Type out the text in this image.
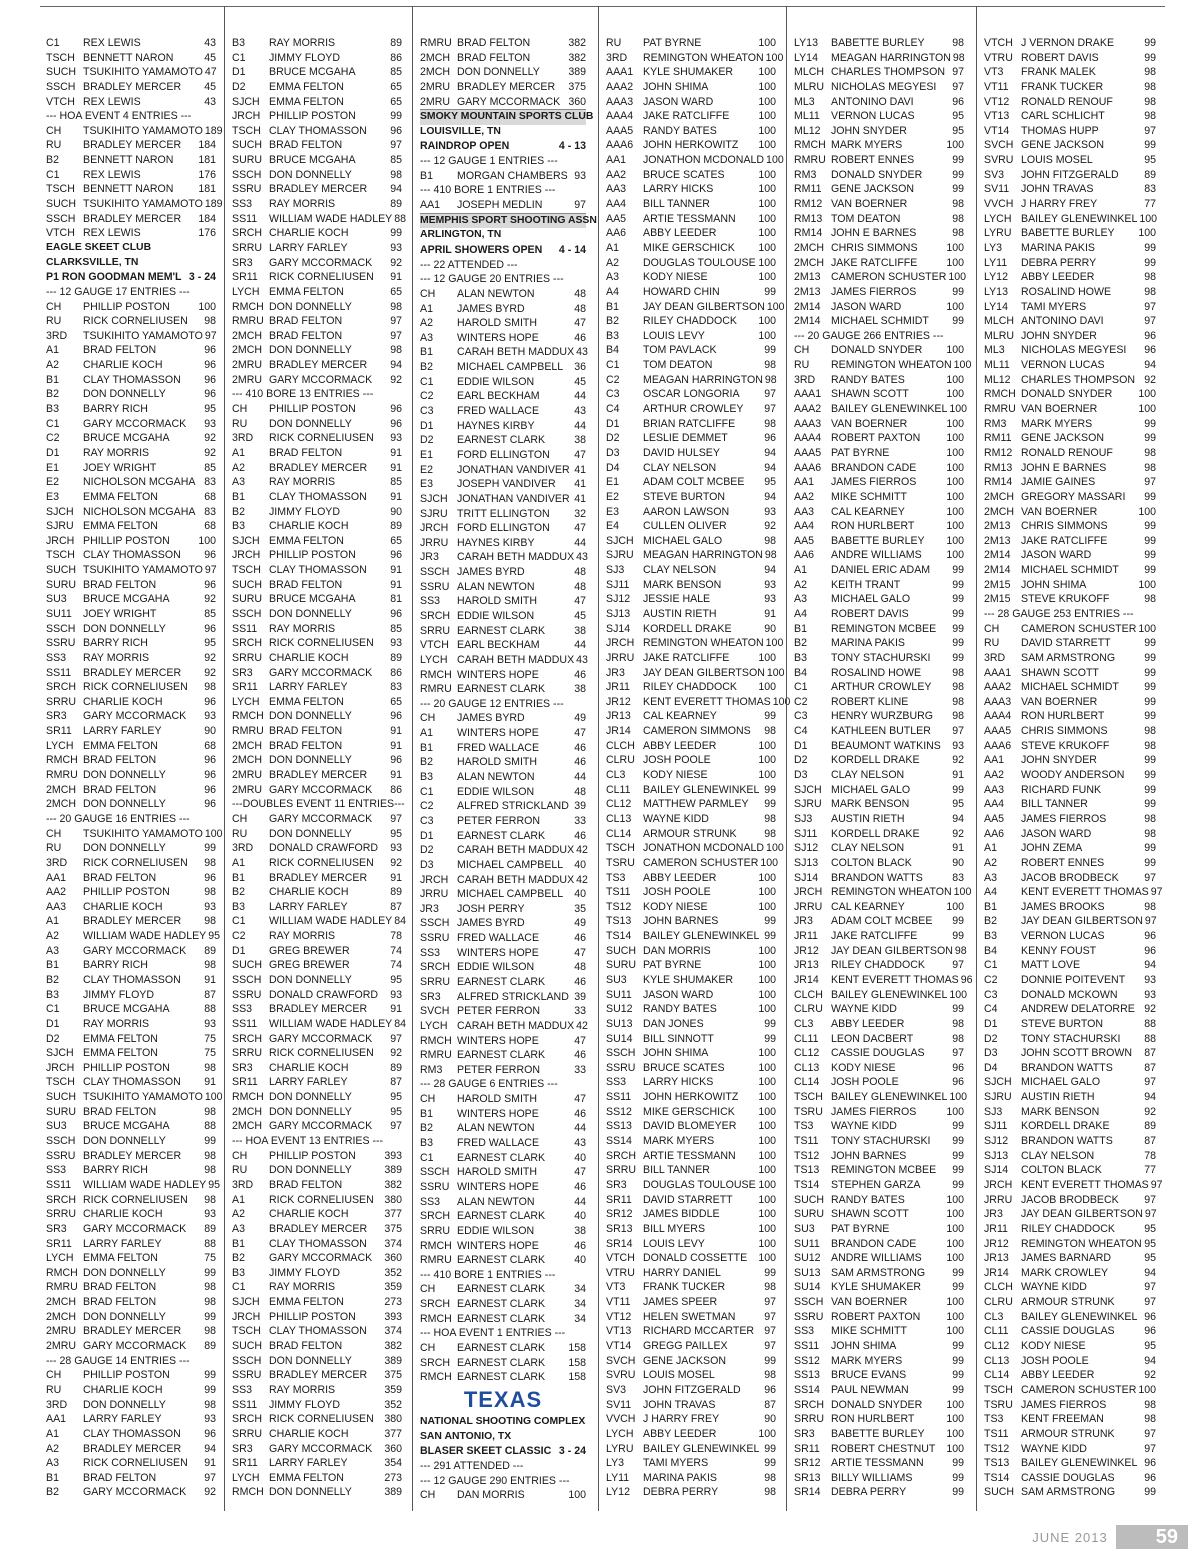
C1	REX LEWIS	43
TSCH BENNETT NARON	45
SUCH TSUKIHITO YAMAMOTO 47
SSCH BRADLEY MERCER	45
VTCH REX LEWIS	43
--- HOA EVENT 4 ENTRIES ---
CH	TSUKIHITO YAMAMOTO 189
RU	BRADLEY MERCER	184
B2	BENNETT NARON	181
C1	REX LEWIS	176
TSCH BENNETT NARON	181
SUCH TSUKIHITO YAMAMOTO 189
SSCH BRADLEY MERCER	184
VTCH REX LEWIS	176
EAGLE SKEET CLUB
CLARKSVILLE, TN
P1 RON GOODMAN MEM'L 3 - 24
--- 12 GAUGE 17 ENTRIES ---
CH	PHILLIP POSTON	100
RU	RICK CORNELIUSEN	98
3RD	TSUKIHITO YAMAMOTO 97
A1	BRAD FELTON	96
A2	CHARLIE KOCH	96
B1	CLAY THOMASSON	96
B2	DON DONNELLY	96
B3	BARRY RICH	95
C1	GARY MCCORMACK	93
C2	BRUCE MCGAHA	92
D1	RAY MORRIS	92
E1	JOEY WRIGHT	85
E2	NICHOLSON MCGAHA 83
E3	EMMA FELTON	68
SJCH NICHOLSON MCGAHA 83
SJRU EMMA FELTON	68
JRCH PHILLIP POSTON	100
TSCH CLAY THOMASSON	96
SUCH TSUKIHITO YAMAMOTO 97
SURU BRAD FELTON	96
SU3	BRUCE MCGAHA	92
SU11	JOEY WRIGHT	85
SSCH DON DONNELLY	96
SSRU BARRY RICH	95
SS3	RAY MORRIS	92
SS11	BRADLEY MERCER	92
SRCH RICK CORNELIUSEN	98
SRRU CHARLIE KOCH	96
SR3	GARY MCCORMACK	93
SR11	LARRY FARLEY	90
LYCH EMMA FELTON	68
RMCH BRAD FELTON	96
RMRU DON DONNELLY	96
2MCH BRAD FELTON	96
2MCH DON DONNELLY	96
--- 20 GAUGE 16 ENTRIES ---
CH	TSUKIHITO YAMAMOTO 100
RU	DON DONNELLY	99
3RD	RICK CORNELIUSEN	98
AA1	BRAD FELTON	96
AA2	PHILLIP POSTON	98
AA3	CHARLIE KOCH	93
A1	BRADLEY MERCER	98
A2	WILLIAM WADE HADLEY 95
A3	GARY MCCORMACK	89
B1	BARRY RICH	98
B2	CLAY THOMASSON	91
B3	JIMMY FLOYD	87
C1	BRUCE MCGAHA	88
D1	RAY MORRIS	93
D2	EMMA FELTON	75
SJCH EMMA FELTON	75
JRCH PHILLIP POSTON	98
TSCH CLAY THOMASSON	91
SUCH TSUKIHITO YAMAMOTO 100
SURU BRAD FELTON	98
SU3	BRUCE MCGAHA	88
SSCH DON DONNELLY	99
SSRU BRADLEY MERCER	98
SS3	BARRY RICH	98
SS11	WILLIAM WADE HADLEY 95
SRCH RICK CORNELIUSEN	98
SRRU CHARLIE KOCH	93
SR3	GARY MCCORMACK	89
SR11	LARRY FARLEY	88
LYCH EMMA FELTON	75
RMCH DON DONNELLY	99
RMRU BRAD FELTON	98
2MCH BRAD FELTON	98
2MCH DON DONNELLY	99
2MRU BRADLEY MERCER	98
2MRU GARY MCCORMACK	89
--- 28 GAUGE 14 ENTRIES ---
CH	PHILLIP POSTON	99
RU	CHARLIE KOCH	99
3RD	DON DONNELLY	98
AA1	LARRY FARLEY	93
A1	CLAY THOMASSON	96
A2	BRADLEY MERCER	94
A3	RICK CORNELIUSEN	91
B1	BRAD FELTON	97
B2	GARY MCCORMACK	92
B3	RAY MORRIS	89
C1	JIMMY FLOYD	86
D1	BRUCE MCGAHA	85
D2	EMMA FELTON	65
SJCH EMMA FELTON	65
JRCH PHILLIP POSTON	99
TSCH CLAY THOMASSON	96
SUCH BRAD FELTON	97
SURU BRUCE MCGAHA	85
SSCH DON DONNELLY	98
SSRU BRADLEY MERCER	94
SS3	RAY MORRIS	89
SS11	WILLIAM WADE HADLEY 88
SRCH CHARLIE KOCH	99
SRRU LARRY FARLEY	93
SR3	GARY MCCORMACK	92
SR11	RICK CORNELIUSEN	91
LYCH EMMA FELTON	65
RMCH DON DONNELLY	98
RMRU BRAD FELTON	97
2MCH BRAD FELTON	97
2MCH DON DONNELLY	98
2MRU BRADLEY MERCER	94
2MRU GARY MCCORMACK	92
--- 410 BORE 13 ENTRIES ---
CH	PHILLIP POSTON	96
RU	DON DONNELLY	96
3RD	RICK CORNELIUSEN	93
A1	BRAD FELTON	91
A2	BRADLEY MERCER	91
A3	RAY MORRIS	85
B1	CLAY THOMASSON	91
B2	JIMMY FLOYD	90
B3	CHARLIE KOCH	89
SJCH EMMA FELTON	65
JRCH PHILLIP POSTON	96
TSCH CLAY THOMASSON	91
SUCH BRAD FELTON	91
SURU BRUCE MCGAHA	81
SSCH DON DONNELLY	96
SS11	RAY MORRIS	85
SRCH RICK CORNELIUSEN	93
SRRU CHARLIE KOCH	89
SR3	GARY MCCORMACK	86
SR11	LARRY FARLEY	83
LYCH EMMA FELTON	65
RMCH DON DONNELLY	96
RMRU BRAD FELTON	91
2MCH BRAD FELTON	91
2MCH DON DONNELLY	96
2MRU BRADLEY MERCER	91
2MRU GARY MCCORMACK	86
---DOUBLES EVENT 11 ENTRIES---
CH	GARY MCCORMACK	97
RU	DON DONNELLY	95
3RD	DONALD CRAWFORD	93
A1	RICK CORNELIUSEN	92
B1	BRADLEY MERCER	91
B2	CHARLIE KOCH	89
B3	LARRY FARLEY	87
C1	WILLIAM WADE HADLEY 84
C2	RAY MORRIS	78
D1	GREG BREWER	74
SUCH GREG BREWER	74
SSCH DON DONNELLY	95
SSRU DONALD CRAWFORD	93
SS3	BRADLEY MERCER	91
SS11	WILLIAM WADE HADLEY 84
SRCH GARY MCCORMACK	97
SRRU RICK CORNELIUSEN	92
SR3	CHARLIE KOCH	89
SR11	LARRY FARLEY	87
RMCH DON DONNELLY	95
2MCH DON DONNELLY	95
2MCH GARY MCCORMACK	97
--- HOA EVENT 13 ENTRIES ---
CH	PHILLIP POSTON	393
RU	DON DONNELLY	389
3RD	BRAD FELTON	382
A1	RICK CORNELIUSEN 380
A2	CHARLIE KOCH	377
A3	BRADLEY MERCER	375
B1	CLAY THOMASSON	374
B2	GARY MCCORMACK	360
B3	JIMMY FLOYD	352
C1	RAY MORRIS	359
SJCH EMMA FELTON	273
JRCH PHILLIP POSTON	393
TSCH CLAY THOMASSON	374
SUCH BRAD FELTON	382
SSCH DON DONNELLY	389
SSRU BRADLEY MERCER	375
SS3	RAY MORRIS	359
SS11	JIMMY FLOYD	352
SRCH RICK CORNELIUSEN 380
SRRU CHARLIE KOCH	377
SR3	GARY MCCORMACK	360
SR11	LARRY FARLEY	354
LYCH EMMA FELTON	273
RMCH DON DONNELLY	389
RMRU BRAD FELTON	382
2MCH BRAD FELTON	382
2MCH DON DONNELLY	389
2MRU BRADLEY MERCER	375
2MRU GARY MCCORMACK 360
SMOKY MOUNTAIN SPORTS CLUB
LOUISVILLE, TN
RAINDROP OPEN	4 - 13
--- 12 GAUGE 1 ENTRIES ---
B1	MORGAN CHAMBERS 93
--- 410 BORE 1 ENTRIES ---
AA1	JOSEPH MEDLIN	97
MEMPHIS SPORT SHOOTING ASSN
ARLINGTON, TN
APRIL SHOWERS OPEN	4 - 14
--- 22 ATTENDED ---
--- 12 GAUGE 20 ENTRIES ---
CH	ALAN NEWTON	48
A1	JAMES BYRD	48
A2	HAROLD SMITH	47
A3	WINTERS HOPE	46
B1	CARAH BETH MADDUX 43
B2	MICHAEL CAMPBELL	36
C1	EDDIE WILSON	45
C2	EARL BECKHAM	44
C3	FRED WALLACE	43
D1	HAYNES KIRBY	44
D2	EARNEST CLARK	38
E1	FORD ELLINGTON	47
E2	JONATHAN VANDIVER 41
E3	JOSEPH VANDIVER	41
SJCH JONATHAN VANDIVER 41
SJRU TRITT ELLINGTON	32
JRCH FORD ELLINGTON	47
JRRU HAYNES KIRBY	44
JR3	CARAH BETH MADDUX 43
SSCH JAMES BYRD	48
SSRU ALAN NEWTON	48
SS3	HAROLD SMITH	47
SRCH EDDIE WILSON	45
SRRU EARNEST CLARK	38
VTCH EARL BECKHAM	44
LYCH CARAH BETH MADDUX 43
RMCH WINTERS HOPE	46
RMRU EARNEST CLARK	38
--- 20 GAUGE 12 ENTRIES ---
CH	JAMES BYRD	49
A1	WINTERS HOPE	47
B1	FRED WALLACE	46
B2	HAROLD SMITH	46
B3	ALAN NEWTON	44
C1	EDDIE WILSON	48
C2	ALFRED STRICKLAND 39
C3	PETER FERRON	33
D1	EARNEST CLARK	46
D2	CARAH BETH MADDUX 42
D3	MICHAEL CAMPBELL	40
JRCH CARAH BETH MADDUX 42
JRRU MICHAEL CAMPBELL	40
JR3	JOSH PERRY	35
SSCH JAMES BYRD	49
SSRU FRED WALLACE	46
SS3	WINTERS HOPE	47
SRCH EDDIE WILSON	48
SRRU EARNEST CLARK	46
SR3	ALFRED STRICKLAND 39
SVCH PETER FERRON	33
LYCH CARAH BETH MADDUX 42
RMCH WINTERS HOPE	47
RMRU EARNEST CLARK	46
RM3	PETER FERRON	33
--- 28 GAUGE 6 ENTRIES ---
CH	HAROLD SMITH	47
B1	WINTERS HOPE	46
B2	ALAN NEWTON	44
B3	FRED WALLACE	43
C1	EARNEST CLARK	40
SSCH HAROLD SMITH	47
SSRU WINTERS HOPE	46
SS3	ALAN NEWTON	44
SRCH EARNEST CLARK	40
SRRU EDDIE WILSON	38
RMCH WINTERS HOPE	46
RMRU EARNEST CLARK	40
--- 410 BORE 1 ENTRIES ---
CH	EARNEST CLARK	34
SRCH EARNEST CLARK	34
RMCH EARNEST CLARK	34
--- HOA EVENT 1 ENTRIES ---
CH	EARNEST CLARK	158
SRCH EARNEST CLARK	158
RMCH EARNEST CLARK	158
TEXAS
NATIONAL SHOOTING COMPLEX
SAN ANTONIO, TX
BLASER SKEET CLASSIC 3 - 24
--- 291 ATTENDED ---
--- 12 GAUGE 290 ENTRIES ---
CH	DAN MORRIS	100
RU	PAT BYRNE	100
3RD	REMINGTON WHEATON 100
AAA1 KYLE SHUMAKER	100
AAA2 JOHN SHIMA	100
AAA3 JASON WARD	100
AAA4 JAKE RATCLIFFE	100
AAA5 RANDY BATES	100
AAA6 JOHN HERKOWITZ	100
AA1	JONATHON MCDONALD 100
AA2	BRUCE SCATES	100
AA3	LARRY HICKS	100
AA4	BILL TANNER	100
AA5	ARTIE TESSMANN	100
AA6	ABBY LEEDER	100
A1	MIKE GERSCHICK	100
A2	DOUGLAS TOULOUSE 100
A3	KODY NIESE	100
A4	HOWARD CHIN	99
B1	JAY DEAN GILBERTSON 100
B2	RILEY CHADDOCK	100
B3	LOUIS LEVY	100
B4	TOM PAVLACK	99
C1	TOM DEATON	98
C2	MEAGAN HARRINGTON 98
C3	OSCAR LONGORIA	97
C4	ARTHUR CROWLEY	97
D1	BRIAN RATCLIFFE	98
D2	LESLIE DEMMET	96
D3	DAVID HULSEY	94
D4	CLAY NELSON	94
E1	ADAM COLT MCBEE	95
E2	STEVE BURTON	94
E3	AARON LAWSON	93
E4	CULLEN OLIVER	92
SJCH MICHAEL GALO	98
SJRU MEAGAN HARRINGTON 98
SJ3	CLAY NELSON	94
SJ11	MARK BENSON	93
SJ12	JESSIE HALE	93
SJ13	AUSTIN RIETH	91
SJ14	KORDELL DRAKE	90
JRCH REMINGTON WHEATON 100
JRRU JAKE RATCLIFFE	100
JR3	JAY DEAN GILBERTSON 100
JR11	RILEY CHADDOCK	100
JR12	KENT EVERETT THOMAS 100
JR13	CAL KEARNEY	99
JR14	CAMERON SIMMONS	98
CLCH ABBY LEEDER	100
CLRU JOSH POOLE	100
CL3	KODY NIESE	100
CL11	BAILEY GLENEWINKEL 99
CL12	MATTHEW PARMLEY	99
CL13	WAYNE KIDD	98
CL14	ARMOUR STRUNK	98
TSCH JONATHON MCDONALD 100
TSRU CAMERON SCHUSTER 100
TS3	ABBY LEEDER	100
TS11	JOSH POOLE	100
TS12	KODY NIESE	100
TS13	JOHN BARNES	99
TS14	BAILEY GLENEWINKEL 99
SUCH DAN MORRIS	100
SURU PAT BYRNE	100
SU3	KYLE SHUMAKER	100
SU11	JASON WARD	100
SU12 RANDY BATES	100
SU13 DAN JONES	99
SU14 BILL SINNOTT	99
SSCH JOHN SHIMA	100
SSRU BRUCE SCATES	100
SS3	LARRY HICKS	100
SS11	JOHN HERKOWITZ	100
SS12	MIKE GERSCHICK	100
SS13	DAVID BLOMEYER	100
SS14	MARK MYERS	100
SRCH ARTIE TESSMANN	100
SRRU BILL TANNER	100
SR3	DOUGLAS TOULOUSE 100
SR11	DAVID STARRETT	100
SR12 JAMES BIDDLE	100
SR13 BILL MYERS	100
SR14 LOUIS LEVY	100
VTCH DONALD COSSETTE	100
VTRU HARRY DANIEL	99
VT3	FRANK TUCKER	98
VT11	JAMES SPEER	97
VT12	HELEN SWETMAN	97
VT13	RICHARD MCCARTER 97
VT14	GREGG PAILLEX	97
SVCH GENE JACKSON	99
SVRU LOUIS MOSEL	98
SV3	JOHN FITZGERALD	96
SV11	JOHN TRAVAS	87
VVCH J HARRY FREY	90
LYCH ABBY LEEDER	100
LYRU BAILEY GLENEWINKEL 99
LY3	TAMI MYERS	99
LY11	MARINA PAKIS	98
LY12	DEBRA PERRY	98
LY13	BABETTE BURLEY	98
LY14	MEAGAN HARRINGTON 98
MLCH CHARLES THOMPSON 97
MLRU NICHOLAS MEGYESI	97
ML3	ANTONINO DAVI	96
ML11	VERNON LUCAS	95
ML12 JOHN SNYDER	95
RMCH MARK MYERS	100
RMRU ROBERT ENNES	99
RM3	DONALD SNYDER	99
RM11 GENE JACKSON	99
RM12 VAN BOERNER	98
RM13 TOM DEATON	98
RM14 JOHN E BARNES	98
2MCH CHRIS SIMMONS	100
2MCH JAKE RATCLIFFE	100
2M13 CAMERON SCHUSTER 100
2M13 JAMES FIERROS	99
2M14 JASON WARD	100
2M14 MICHAEL SCHMIDT	99
--- 20 GAUGE 266 ENTRIES ---
CH	DONALD SNYDER	100
RU	REMINGTON WHEATON 100
3RD	RANDY BATES	100
AAA1 SHAWN SCOTT	100
AAA2 BAILEY GLENEWINKEL 100
AAA3 VAN BOERNER	100
AAA4 ROBERT PAXTON	100
AAA5 PAT BYRNE	100
AAA6 BRANDON CADE	100
AA1	JAMES FIERROS	100
AA2	MIKE SCHMITT	100
AA3	CAL KEARNEY	100
AA4	RON HURLBERT	100
AA5	BABETTE BURLEY	100
AA6	ANDRE WILLIAMS	100
A1	DANIEL ERIC ADAM	99
A2	KEITH TRANT	99
A3	MICHAEL GALO	99
A4	ROBERT DAVIS	99
B1	REMINGTON MCBEE	99
B2	MARINA PAKIS	99
B3	TONY STACHURSKI	99
B4	ROSALIND HOWE	98
C1	ARTHUR CROWLEY	98
C2	ROBERT KLINE	98
C3	HENRY WURZBURG	98
C4	KATHLEEN BUTLER	97
D1	BEAUMONT WATKINS	93
D2	KORDELL DRAKE	92
D3	CLAY NELSON	91
SJCH MICHAEL GALO	99
SJRU MARK BENSON	95
SJ3	AUSTIN RIETH	94
SJ11	KORDELL DRAKE	92
SJ12	CLAY NELSON	91
SJ13	COLTON BLACK	90
SJ14	BRANDON WATTS	83
JRCH REMINGTON WHEATON 100
JRRU CAL KEARNEY	100
JR3	ADAM COLT MCBEE	99
JR11	JAKE RATCLIFFE	99
JR12	JAY DEAN GILBERTSON 98
JR13	RILEY CHADDOCK	97
JR14	KENT EVERETT THOMAS 96
CLCH BAILEY GLENEWINKEL 100
CLRU WAYNE KIDD	99
CL3	ABBY LEEDER	98
CL11	LEON DACBERT	98
CL12	CASSIE DOUGLAS	97
CL13	KODY NIESE	96
CL14	JOSH POOLE	96
TSCH BAILEY GLENEWINKEL 100
TSRU JAMES FIERROS	100
TS3	WAYNE KIDD	99
TS11	TONY STACHURSKI	99
TS12	JOHN BARNES	99
TS13	REMINGTON MCBEE	99
TS14	STEPHEN GARZA	99
SUCH RANDY BATES	100
SURU SHAWN SCOTT	100
SU3	PAT BYRNE	100
SU11	BRANDON CADE	100
SU12 ANDRE WILLIAMS	100
SU13 SAM ARMSTRONG	99
SU14 KYLE SHUMAKER	99
SSCH VAN BOERNER	100
SSRU ROBERT PAXTON	100
SS3	MIKE SCHMITT	100
SS11	JOHN SHIMA	99
SS12	MARK MYERS	99
SS13	BRUCE EVANS	99
SS14	PAUL NEWMAN	99
SRCH DONALD SNYDER	100
SRRU RON HURLBERT	100
SR3	BABETTE BURLEY	100
SR11	ROBERT CHESTNUT	100
SR12 ARTIE TESSMANN	99
SR13 BILLY WILLIAMS	99
SR14 DEBRA PERRY	99
VTCH J VERNON DRAKE	99
VTRU ROBERT DAVIS	99
VT3	FRANK MALEK	98
VT11	FRANK TUCKER	98
VT12	RONALD RENOUF	98
VT13	CARL SCHLICHT	98
VT14	THOMAS HUPP	97
SVCH GENE JACKSON	99
SVRU LOUIS MOSEL	95
SV3	JOHN FITZGERALD	89
SV11	JOHN TRAVAS	83
VVCH J HARRY FREY	77
LYCH BAILEY GLENEWINKEL 100
LYRU BABETTE BURLEY	100
LY3	MARINA PAKIS	99
LY11	DEBRA PERRY	99
LY12	ABBY LEEDER	98
LY13	ROSALIND HOWE	98
LY14	TAMI MYERS	97
MLCH ANTONINO DAVI	97
MLRU JOHN SNYDER	96
ML3	NICHOLAS MEGYESI	96
ML11	VERNON LUCAS	94
ML12 CHARLES THOMPSON 92
RMCH DONALD SNYDER	100
RMRU VAN BOERNER	100
RM3	MARK MYERS	99
RM11 GENE JACKSON	99
RM12 RONALD RENOUF	98
RM13 JOHN E BARNES	98
RM14 JAMIE GAINES	97
2MCH GREGORY MASSARI	99
2MCH VAN BOERNER	100
2M13 CHRIS SIMMONS	99
2M13 JAKE RATCLIFFE	99
2M14 JASON WARD	99
2M14 MICHAEL SCHMIDT	99
2M15 JOHN SHIMA	100
2M15 STEVE KRUKOFF	98
--- 28 GAUGE 253 ENTRIES ---
CH	CAMERON SCHUSTER 100
RU	DAVID STARRETT	99
3RD	SAM ARMSTRONG	99
AAA1 SHAWN SCOTT	99
AAA2 MICHAEL SCHMIDT	99
AAA3 VAN BOERNER	99
AAA4 RON HURLBERT	99
AAA5 CHRIS SIMMONS	98
AAA6 STEVE KRUKOFF	98
AA1	JOHN SNYDER	99
AA2	WOODY ANDERSON	99
AA3	RICHARD FUNK	99
AA4	BILL TANNER	99
AA5	JAMES FIERROS	98
AA6	JASON WARD	98
A1	JOHN ZEMA	99
A2	ROBERT ENNES	99
A3	JACOB BRODBECK	97
A4	KENT EVERETT THOMAS 97
B1	JAMES BROOKS	98
B2	JAY DEAN GILBERTSON 97
B3	VERNON LUCAS	96
B4	KENNY FOUST	96
C1	MATT LOVE	94
C2	DONNIE POITEVENT	93
C3	DONALD MCKOWN	93
C4	ANDREW DELATORRE 92
D1	STEVE BURTON	88
D2	TONY STACHURSKI	88
D3	JOHN SCOTT BROWN	87
D4	BRANDON WATTS	87
SJCH MICHAEL GALO	97
SJRU AUSTIN RIETH	94
SJ3	MARK BENSON	92
SJ11	KORDELL DRAKE	89
SJ12	BRANDON WATTS	87
SJ13	CLAY NELSON	78
SJ14	COLTON BLACK	77
JRCH KENT EVERETT THOMAS 97
JRRU JACOB BRODBECK	97
JR3	JAY DEAN GILBERTSON 97
JR11	RILEY CHADDOCK	95
JR12	REMINGTON WHEATON 95
JR13	JAMES BARNARD	95
JR14	MARK CROWLEY	94
CLCH WAYNE KIDD	97
CLRU ARMOUR STRUNK	97
CL3	BAILEY GLENEWINKEL 96
CL11	CASSIE DOUGLAS	96
CL12	KODY NIESE	95
CL13	JOSH POOLE	94
CL14	ABBY LEEDER	92
TSCH CAMERON SCHUSTER 100
TSRU JAMES FIERROS	98
TS3	KENT FREEMAN	98
TS11	ARMOUR STRUNK	97
TS12	WAYNE KIDD	97
TS13	BAILEY GLENEWINKEL 96
TS14	CASSIE DOUGLAS	96
SUCH SAM ARMSTRONG	99
JUNE 2013	59
